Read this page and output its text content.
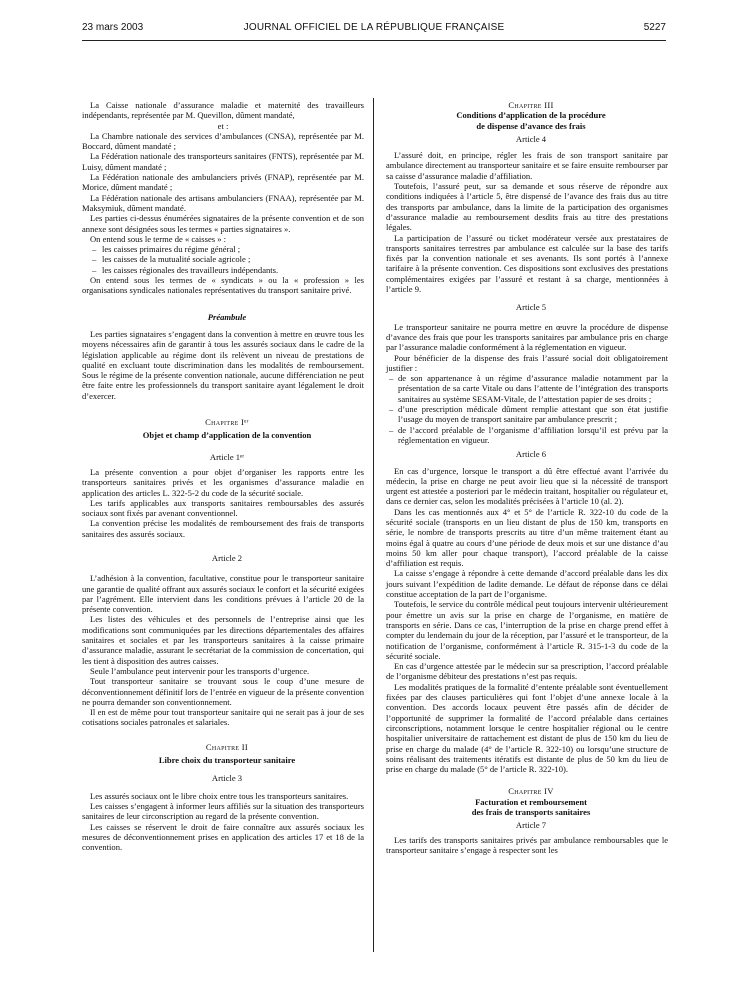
23 mars 2003	JOURNAL OFFICIEL DE LA RÉPUBLIQUE FRANÇAISE	5227

La Caisse nationale d’assurance maladie et maternité des travailleurs indépendants, représentée par M. Quevillon, dûment mandaté,

et :

La Chambre nationale des services d’ambulances (CNSA), représentée par M. Boccard, dûment mandaté ;

La Fédération nationale des transporteurs sanitaires (FNTS), représentée par M. Luisy, dûment mandaté ;

La Fédération nationale des ambulanciers privés (FNAP), représentée par M. Morice, dûment mandaté ;

La Fédération nationale des artisans ambulanciers (FNAA), représentée par M. Maksymiuk, dûment mandaté.

Les parties ci-dessus énumérées signataires de la présente convention et de son annexe sont désignées sous les termes « parties signataires ».

On entend sous le terme de « caisses » :

– les caisses primaires du régime général ;
– les caisses de la mutualité sociale agricole ;
– les caisses régionales des travailleurs indépendants.

On entend sous les termes de « syndicats » ou la « profession » les organisations syndicales nationales représentatives du transport sanitaire privé.

Préambule

Les parties signataires s’engagent dans la convention à mettre en œuvre tous les moyens nécessaires afin de garantir à tous les assurés sociaux dans le cadre de la législation applicable au régime dont ils relèvent un niveau de prestations de qualité en excluant toute discrimination dans les modalités de remboursement. Sous le régime de la présente convention nationale, aucune différenciation ne peut être faite entre les professionnels du transport sanitaire ayant légalement le droit d’exercer.

Chapitre Iᵉʳ

Objet et champ d’application de la convention

Article 1ᵉʳ

La présente convention a pour objet d’organiser les rapports entre les transporteurs sanitaires privés et les organismes d’assurance maladie en application des articles L. 322-5-2 du code de la sécurité sociale.

Les tarifs applicables aux transports sanitaires remboursables des assurés sociaux sont fixés par avenant conventionnel.

La convention précise les modalités de remboursement des frais de transports sanitaires des assurés sociaux.

Article 2

L’adhésion à la convention, facultative, constitue pour le transporteur sanitaire une garantie de qualité offrant aux assurés sociaux le confort et la sécurité exigées par l’agrément. Elle intervient dans les conditions prévues à l’article 20 de la présente convention.

Les listes des véhicules et des personnels de l’entreprise ainsi que les modifications sont communiquées par les directions départementales des affaires sanitaires et sociales et par les transporteurs sanitaires à la caisse primaire d’assurance maladie, assurant le secrétariat de la commission de concertation, qui les tient à disposition des autres caisses.

Seule l’ambulance peut intervenir pour les transports d’urgence.

Tout transporteur sanitaire se trouvant sous le coup d’une mesure de déconventionnement définitif lors de l’entrée en vigueur de la présente convention ne pourra demander son conventionnement.

Il en est de même pour tout transporteur sanitaire qui ne serait pas à jour de ses cotisations sociales patronales et salariales.

Chapitre II

Libre choix du transporteur sanitaire

Article 3

Les assurés sociaux ont le libre choix entre tous les transporteurs sanitaires.

Les caisses s’engagent à informer leurs affiliés sur la situation des transporteurs sanitaires de leur circonscription au regard de la présente convention.

Les caisses se réservent le droit de faire connaître aux assurés sociaux les mesures de déconventionnement prises en application des articles 17 et 18 de la convention.

Chapitre III

Conditions d’application de la procédure

de dispense d’avance des frais

Article 4

L’assuré doit, en principe, régler les frais de son transport sanitaire par ambulance directement au transporteur sanitaire et se faire ensuite rembourser par sa caisse d’assurance maladie d’affiliation.

Toutefois, l’assuré peut, sur sa demande et sous réserve de répondre aux conditions indiquées à l’article 5, être dispensé de l’avance des frais dus au titre des transports par ambulance, dans la limite de la participation des organismes d’assurance maladie au remboursement desdits frais au titre des prestations légales.

La participation de l’assuré ou ticket modérateur versée aux prestataires de transports sanitaires terrestres par ambulance est calculée sur la base des tarifs fixés par la convention nationale et ses avenants. Ils sont portés à l’annexe tarifaire à la présente convention. Ces dispositions sont exclusives des prestations complémentaires exigées par l’assuré et restant à sa charge, mentionnées à l’article 9.

Article 5

Le transporteur sanitaire ne pourra mettre en œuvre la procédure de dispense d’avance des frais que pour les transports sanitaires par ambulance pris en charge par l’assurance maladie conformément à la réglementation en vigueur.

Pour bénéficier de la dispense des frais l’assuré social doit obligatoirement justifier :

– de son appartenance à un régime d’assurance maladie notamment par la présentation de sa carte Vitale ou dans l’attente de l’intégration des transports sanitaires au système SESAM-Vitale, de l’attestation papier de ses droits ;
– d’une prescription médicale dûment remplie attestant que son état justifie l’usage du moyen de transport sanitaire par ambulance prescrit ;
– de l’accord préalable de l’organisme d’affiliation lorsqu’il est prévu par la réglementation en vigueur.

Article 6

En cas d’urgence, lorsque le transport a dû être effectué avant l’arrivée du médecin, la prise en charge ne peut avoir lieu que si la nécessité de transport urgent est attestée a posteriori par le médecin traitant, hospitalier ou régulateur et, dans ce dernier cas, selon les modalités précisées à l’article 10 (al. 2).

Dans les cas mentionnés aux 4° et 5° de l’article R. 322-10 du code de la sécurité sociale (transports en un lieu distant de plus de 150 km, transports en série, le nombre de transports prescrits au titre d’un même traitement étant au moins égal à quatre au cours d’une période de deux mois et sur une distance d’au moins 50 km aller pour chaque transport), l’accord préalable de la caisse d’affiliation est requis.

La caisse s’engage à répondre à cette demande d’accord préalable dans les dix jours suivant l’expédition de ladite demande. Le défaut de réponse dans ce délai constitue acceptation de la part de l’organisme.

Toutefois, le service du contrôle médical peut toujours intervenir ultérieurement pour émettre un avis sur la prise en charge de l’organisme, en matière de transports en série. Dans ce cas, l’interruption de la prise en charge prend effet à compter du lendemain du jour de la réception, par l’assuré et le transporteur, de la notification de l’organisme, conformément à l’article R. 315-1-3 du code de la sécurité sociale.

En cas d’urgence attestée par le médecin sur sa prescription, l’accord préalable de l’organisme débiteur des prestations n’est pas requis.

Les modalités pratiques de la formalité d’entente préalable sont éventuellement fixées par des clauses particulières qui font l’objet d’une annexe locale à la convention. Des accords locaux peuvent être passés afin de décider de l’opportunité de supprimer la formalité de l’accord préalable dans certaines circonscriptions, notamment lorsque le centre hospitalier régional ou le centre hospitalier universitaire de rattachement est distant de plus de 150 km du lieu de prise en charge du malade (4° de l’article R. 322-10) ou lorsqu’une structure de soins réalisant des traitements itératifs est distante de plus de 50 km du lieu de prise en charge du malade (5° de l’article R. 322-10).

Chapitre IV

Facturation et remboursement

des frais de transports sanitaires

Article 7

Les tarifs des transports sanitaires privés par ambulance remboursables que le transporteur sanitaire s’engage à respecter sont les
